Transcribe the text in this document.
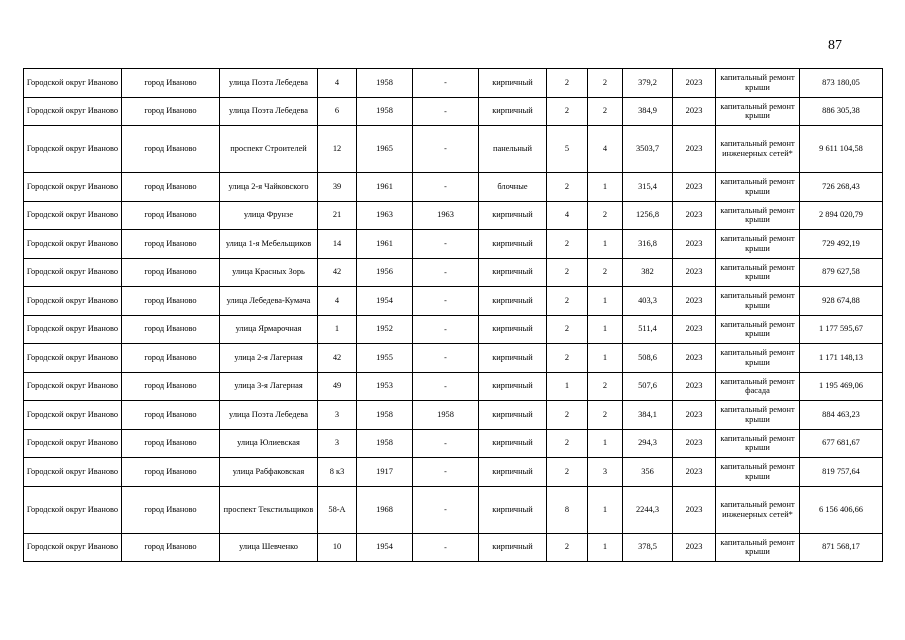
87
Городской округ Иваново	город Иваново	улица Поэта Лебедева	4	1958	-	кирпичный	2	2	379,2	2023	капитальный ремонт крыши	873 180,05
Городской округ Иваново	город Иваново	улица Поэта Лебедева	6	1958	-	кирпичный	2	2	384,9	2023	капитальный ремонт крыши	886 305,38
Городской округ Иваново	город Иваново	проспект Строителей	12	1965	-	панельный	5	4	3503,7	2023	капитальный ремонт инженерных сетей*	9 611 104,58
Городской округ Иваново	город Иваново	улица 2-я Чайковского	39	1961	-	блочные	2	1	315,4	2023	капитальный ремонт крыши	726 268,43
Городской округ Иваново	город Иваново	улица Фрунзе	21	1963	1963	кирпичный	4	2	1256,8	2023	капитальный ремонт крыши	2 894 020,79
Городской округ Иваново	город Иваново	улица 1-я Мебельщиков	14	1961	-	кирпичный	2	1	316,8	2023	капитальный ремонт крыши	729 492,19
Городской округ Иваново	город Иваново	улица Красных Зорь	42	1956	-	кирпичный	2	2	382	2023	капитальный ремонт крыши	879 627,58
Городской округ Иваново	город Иваново	улица Лебедева-Кумача	4	1954	-	кирпичный	2	1	403,3	2023	капитальный ремонт крыши	928 674,88
Городской округ Иваново	город Иваново	улица Ярмарочная	1	1952	-	кирпичный	2	1	511,4	2023	капитальный ремонт крыши	1 177 595,67
Городской округ Иваново	город Иваново	улица 2-я Лагерная	42	1955	-	кирпичный	2	1	508,6	2023	капитальный ремонт крыши	1 171 148,13
Городской округ Иваново	город Иваново	улица 3-я Лагерная	49	1953	-	кирпичный	1	2	507,6	2023	капитальный ремонт фасада	1 195 469,06
Городской округ Иваново	город Иваново	улица Поэта Лебедева	3	1958	1958	кирпичный	2	2	384,1	2023	капитальный ремонт крыши	884 463,23
Городской округ Иваново	город Иваново	улица Юлиевская	3	1958	-	кирпичный	2	1	294,3	2023	капитальный ремонт крыши	677 681,67
Городской округ Иваново	город Иваново	улица Рабфаковская	8 к3	1917	-	кирпичный	2	3	356	2023	капитальный ремонт крыши	819 757,64
Городской округ Иваново	город Иваново	проспект Текстильщиков	58-А	1968	-	кирпичный	8	1	2244,3	2023	капитальный ремонт инженерных сетей*	6 156 406,66
Городской округ Иваново	город Иваново	улица Шевченко	10	1954	-	кирпичный	2	1	378,5	2023	капитальный ремонт крыши	871 568,17
